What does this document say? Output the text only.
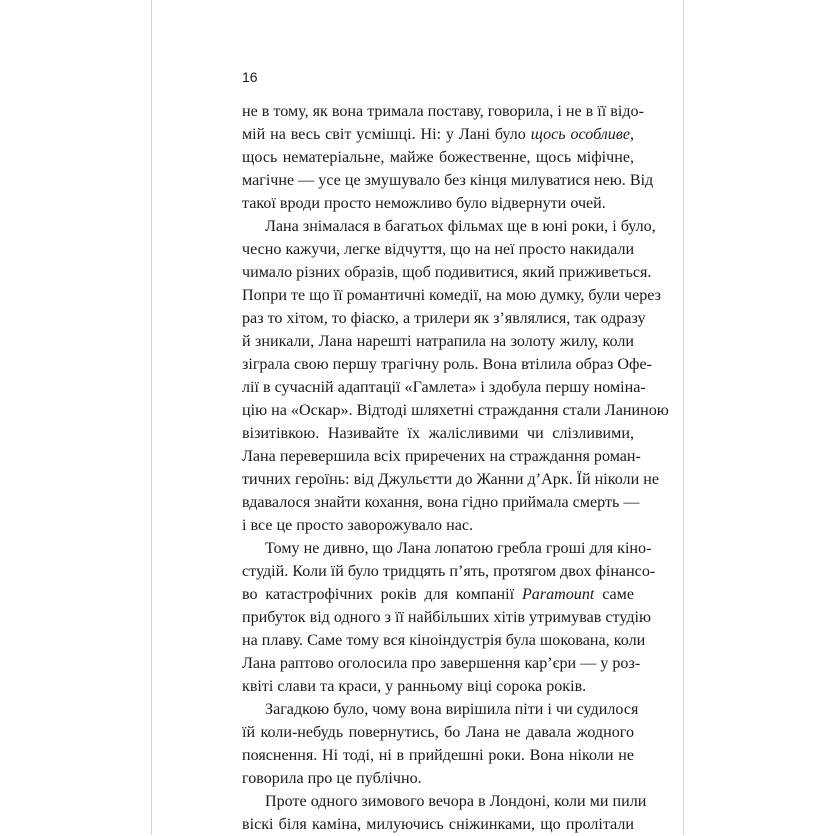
16
не в тому, як вона тримала поставу, говорила, і не в її відо-
мій на весь світ усмішці. Ні: у Лані було щось особливе,
щось нематеріальне, майже божественне, щось міфічне,
магічне — усе це змушувало без кінця милуватися нею. Від
такої вроди просто неможливо було відвернути очей.
Лана знімалася в багатьох фільмах ще в юні роки, і було,
чесно кажучи, легке відчуття, що на неї просто накидали
чимало різних образів, щоб подивитися, який приживеться.
Попри те що її романтичні комедії, на мою думку, були через
раз то хітом, то фіаско, а трилери як з’являлися, так одразу
й зникали, Лана нарешті натрапила на золоту жилу, коли
зіграла свою першу трагічну роль. Вона втілила образ Офе-
лії в сучасній адаптації «Гамлета» і здобула першу номіна-
цію на «Оскар». Відтоді шляхетні страждання стали Ланиною
візитівкою. Називайте їх жалісливими чи слізливими,
Лана перевершила всіх приречених на страждання роман-
тичних героїнь: від Джульєтти до Жанни д’Арк. Їй ніколи не
вдавалося знайти кохання, вона гідно приймала смерть —
і все це просто заворожувало нас.
Тому не дивно, що Лана лопатою гребла гроші для кіно-
студій. Коли їй було тридцять п’ять, протягом двох фінансо-
во катастрофічних років для компанії Paramount саме
прибуток від одного з її найбільших хітів утримував студію
на плаву. Саме тому вся кіноіндустрія була шокована, коли
Лана раптово оголосила про завершення кар’єри — у роз-
квіті слави та краси, у ранньому віці сорока років.
Загадкою було, чому вона вирішила піти і чи судилося
їй коли-небудь повернутись, бо Лана не давала жодного
пояснення. Ні тоді, ні в прийдешні роки. Вона ніколи не
говорила про це публічно.
Проте одного зимового вечора в Лондоні, коли ми пили
віскі біля каміна, милуючись сніжинками, що пролітали
